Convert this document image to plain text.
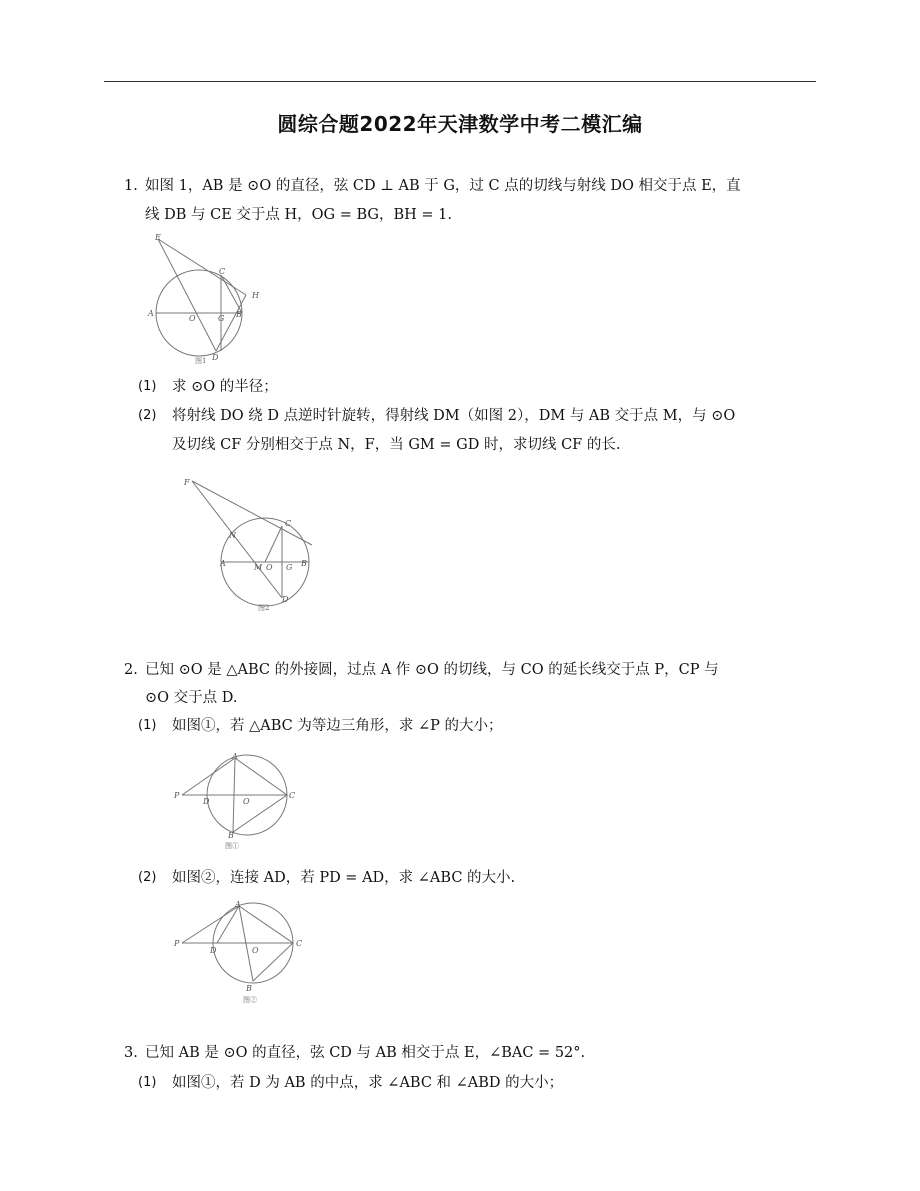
圆综合题2022年天津数学中考二模汇编
1. 如图 1，AB 是 ⊙O 的直径，弦 CD ⊥ AB 于 G，过 C 点的切线与射线 DO 相交于点 E，直
线 DB 与 CE 交于点 H，OG = BG，BH = 1.
E
C
H
A
O	G B
D
图1
(1) 求 ⊙O 的半径；
(2) 将射线 DO 绕 D 点逆时针旋转，得射线 DM（如图 2），DM 与 AB 交于点 M，与 ⊙O
及切线 CF 分别相交于点 N，F，当 GM = GD 时，求切线 CF 的长.
F
C
N
A	M O G B
D
图2
2. 已知 ⊙O 是 △ABC 的外接圆，过点 A 作 ⊙O 的切线，与 CO 的延长线交于点 P，CP 与
⊙O 交于点 D.
(1) 如图①，若 △ABC 为等边三角形，求 ∠P 的大小；
A
P
D	O
C
B
图①
(2) 如图②，连接 AD，若 PD = AD，求 ∠ABC 的大小.
A
P
D	O
C
B
图②
3. 已知 AB 是 ⊙O 的直径，弦 CD 与 AB 相交于点 E，∠BAC = 52°.
(1) 如图①，若 D 为 AB 的中点，求 ∠ABC 和 ∠ABD 的大小；
